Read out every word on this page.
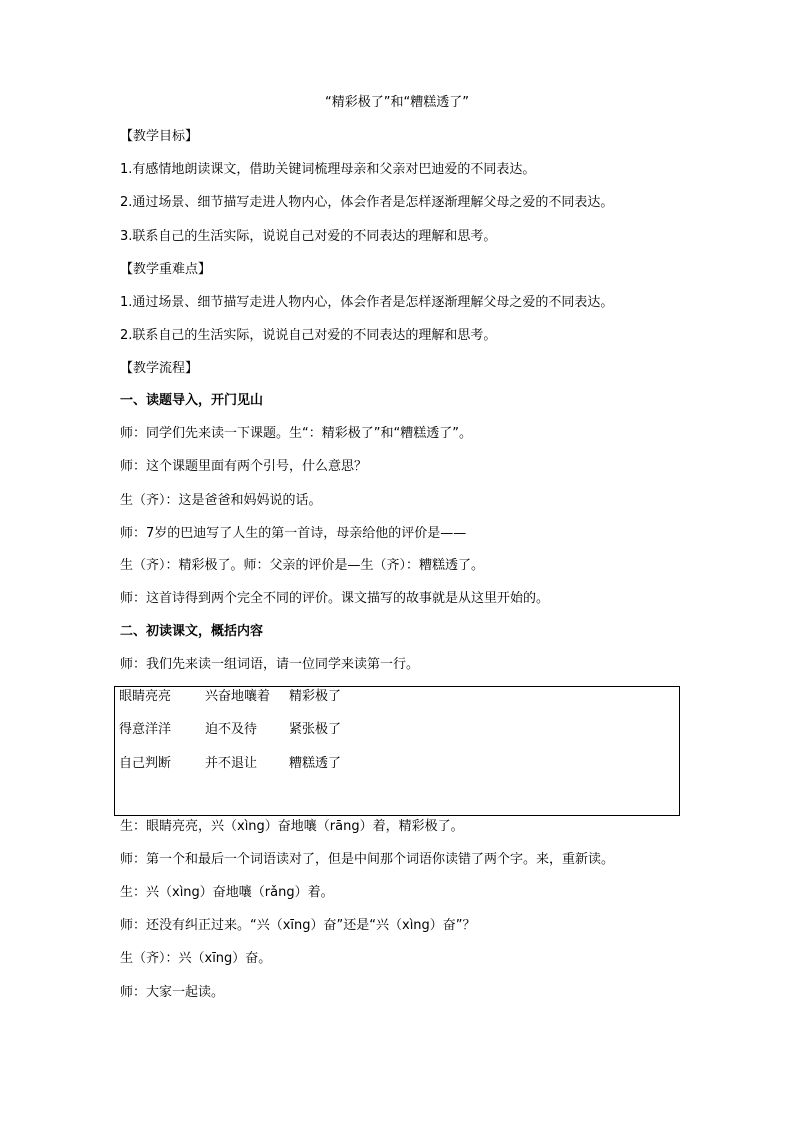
“精彩极了”和“糟糕透了”
【教学目标】
1.有感情地朗读课文，借助关键词梳理母亲和父亲对巴迪爱的不同表达。
2.通过场景、细节描写走进人物内心，体会作者是怎样逐渐理解父母之爱的不同表达。
3.联系自己的生活实际，说说自己对爱的不同表达的理解和思考。
【教学重难点】
1.通过场景、细节描写走进人物内心，体会作者是怎样逐渐理解父母之爱的不同表达。
2.联系自己的生活实际，说说自己对爱的不同表达的理解和思考。
【教学流程】
一、读题导入，开门见山
师：同学们先来读一下课题。生“：精彩极了”和“糟糕透了”。
师：这个课题里面有两个引号，什么意思？
生（齐）：这是爸爸和妈妈说的话。
师：7岁的巴迪写了人生的第一首诗，母亲给他的评价是——
生（齐）：精彩极了。师：父亲的评价是—生（齐）：糟糕透了。
师：这首诗得到两个完全不同的评价。课文描写的故事就是从这里开始的。
二、初读课文，概括内容
师：我们先来读一组词语，请一位同学来读第一行。
眼睛亮亮	兴奋地嚷着 精彩极了
得意洋洋	迫不及待 紧张极了
自己判断	并不退让 糟糕透了
生：眼睛亮亮，兴（xìng）奋地嚷（rāng）着，精彩极了。
师：第一个和最后一个词语读对了，但是中间那个词语你读错了两个字。来，重新读。
生：兴（xìng）奋地嚷（rǎng）着。
师：还没有纠正过来。“兴（xīng）奋”还是“兴（xìng）奋”？
生（齐）：兴（xīng）奋。
师：大家一起读。
